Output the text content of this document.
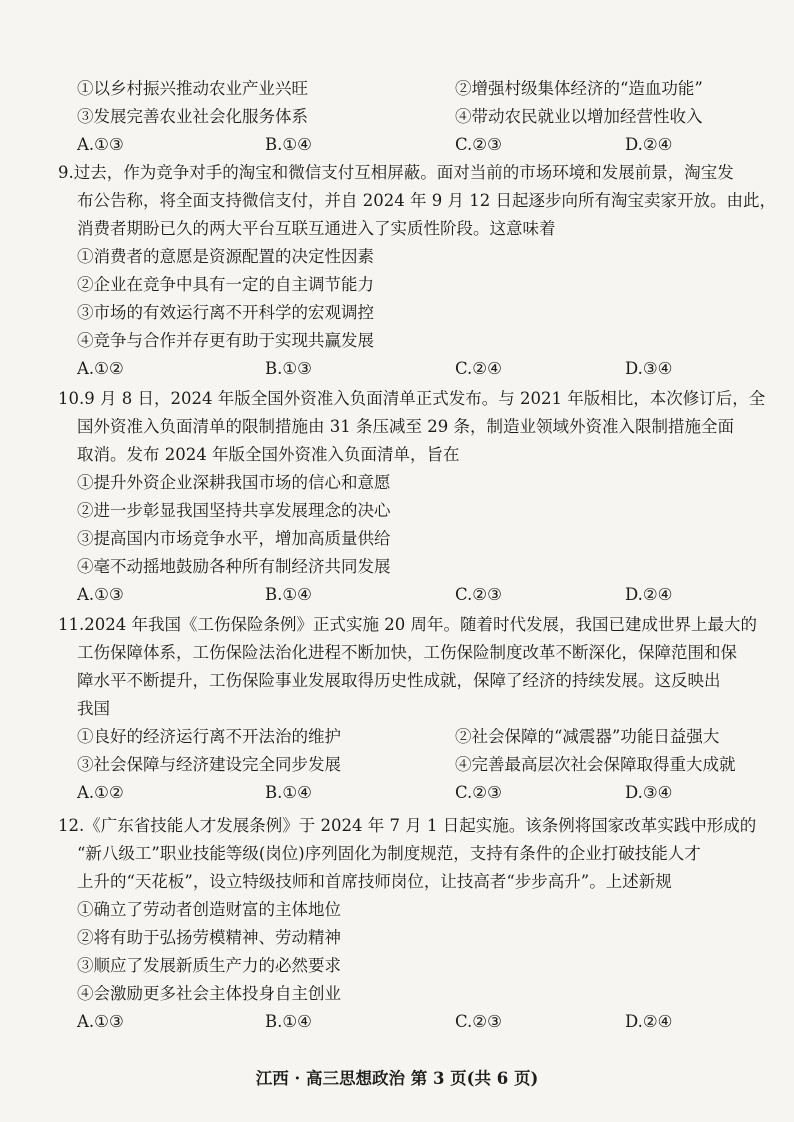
①以乡村振兴推动农业产业兴旺	②增强村级集体经济的“造血功能”
③发展完善农业社会化服务体系	④带动农民就业以增加经营性收入
A.①③	B.①④	C.②③	D.②④
9.过去，作为竞争对手的淘宝和微信支付互相屏蔽。面对当前的市场环境和发展前景，淘宝发
布公告称，将全面支持微信支付，并自 2024 年 9 月 12 日起逐步向所有淘宝卖家开放。由此，
消费者期盼已久的两大平台互联互通进入了实质性阶段。这意味着
①消费者的意愿是资源配置的决定性因素
②企业在竞争中具有一定的自主调节能力
③市场的有效运行离不开科学的宏观调控
④竞争与合作并存更有助于实现共赢发展
A.①②	B.①③	C.②④	D.③④
10.9 月 8 日，2024 年版全国外资准入负面清单正式发布。与 2021 年版相比，本次修订后，全
国外资准入负面清单的限制措施由 31 条压减至 29 条，制造业领域外资准入限制措施全面
取消。发布 2024 年版全国外资准入负面清单，旨在
①提升外资企业深耕我国市场的信心和意愿
②进一步彰显我国坚持共享发展理念的决心
③提高国内市场竞争水平，增加高质量供给
④毫不动摇地鼓励各种所有制经济共同发展
A.①③	B.①④	C.②③	D.②④
11.2024 年我国《工伤保险条例》正式实施 20 周年。随着时代发展，我国已建成世界上最大的
工伤保障体系，工伤保险法治化进程不断加快，工伤保险制度改革不断深化，保障范围和保
障水平不断提升，工伤保险事业发展取得历史性成就，保障了经济的持续发展。这反映出
我国
①良好的经济运行离不开法治的维护	②社会保障的“减震器”功能日益强大
③社会保障与经济建设完全同步发展	④完善最高层次社会保障取得重大成就
A.①②	B.①④	C.②③	D.③④
12.《广东省技能人才发展条例》于 2024 年 7 月 1 日起实施。该条例将国家改革实践中形成的
“新八级工”职业技能等级(岗位)序列固化为制度规范，支持有条件的企业打破技能人才
上升的“天花板”，设立特级技师和首席技师岗位，让技高者“步步高升”。上述新规
①确立了劳动者创造财富的主体地位
②将有助于弘扬劳模精神、劳动精神
③顺应了发展新质生产力的必然要求
④会激励更多社会主体投身自主创业
A.①③	B.①④	C.②③	D.②④
江西 · 高三思想政治 第 3 页(共 6 页)
